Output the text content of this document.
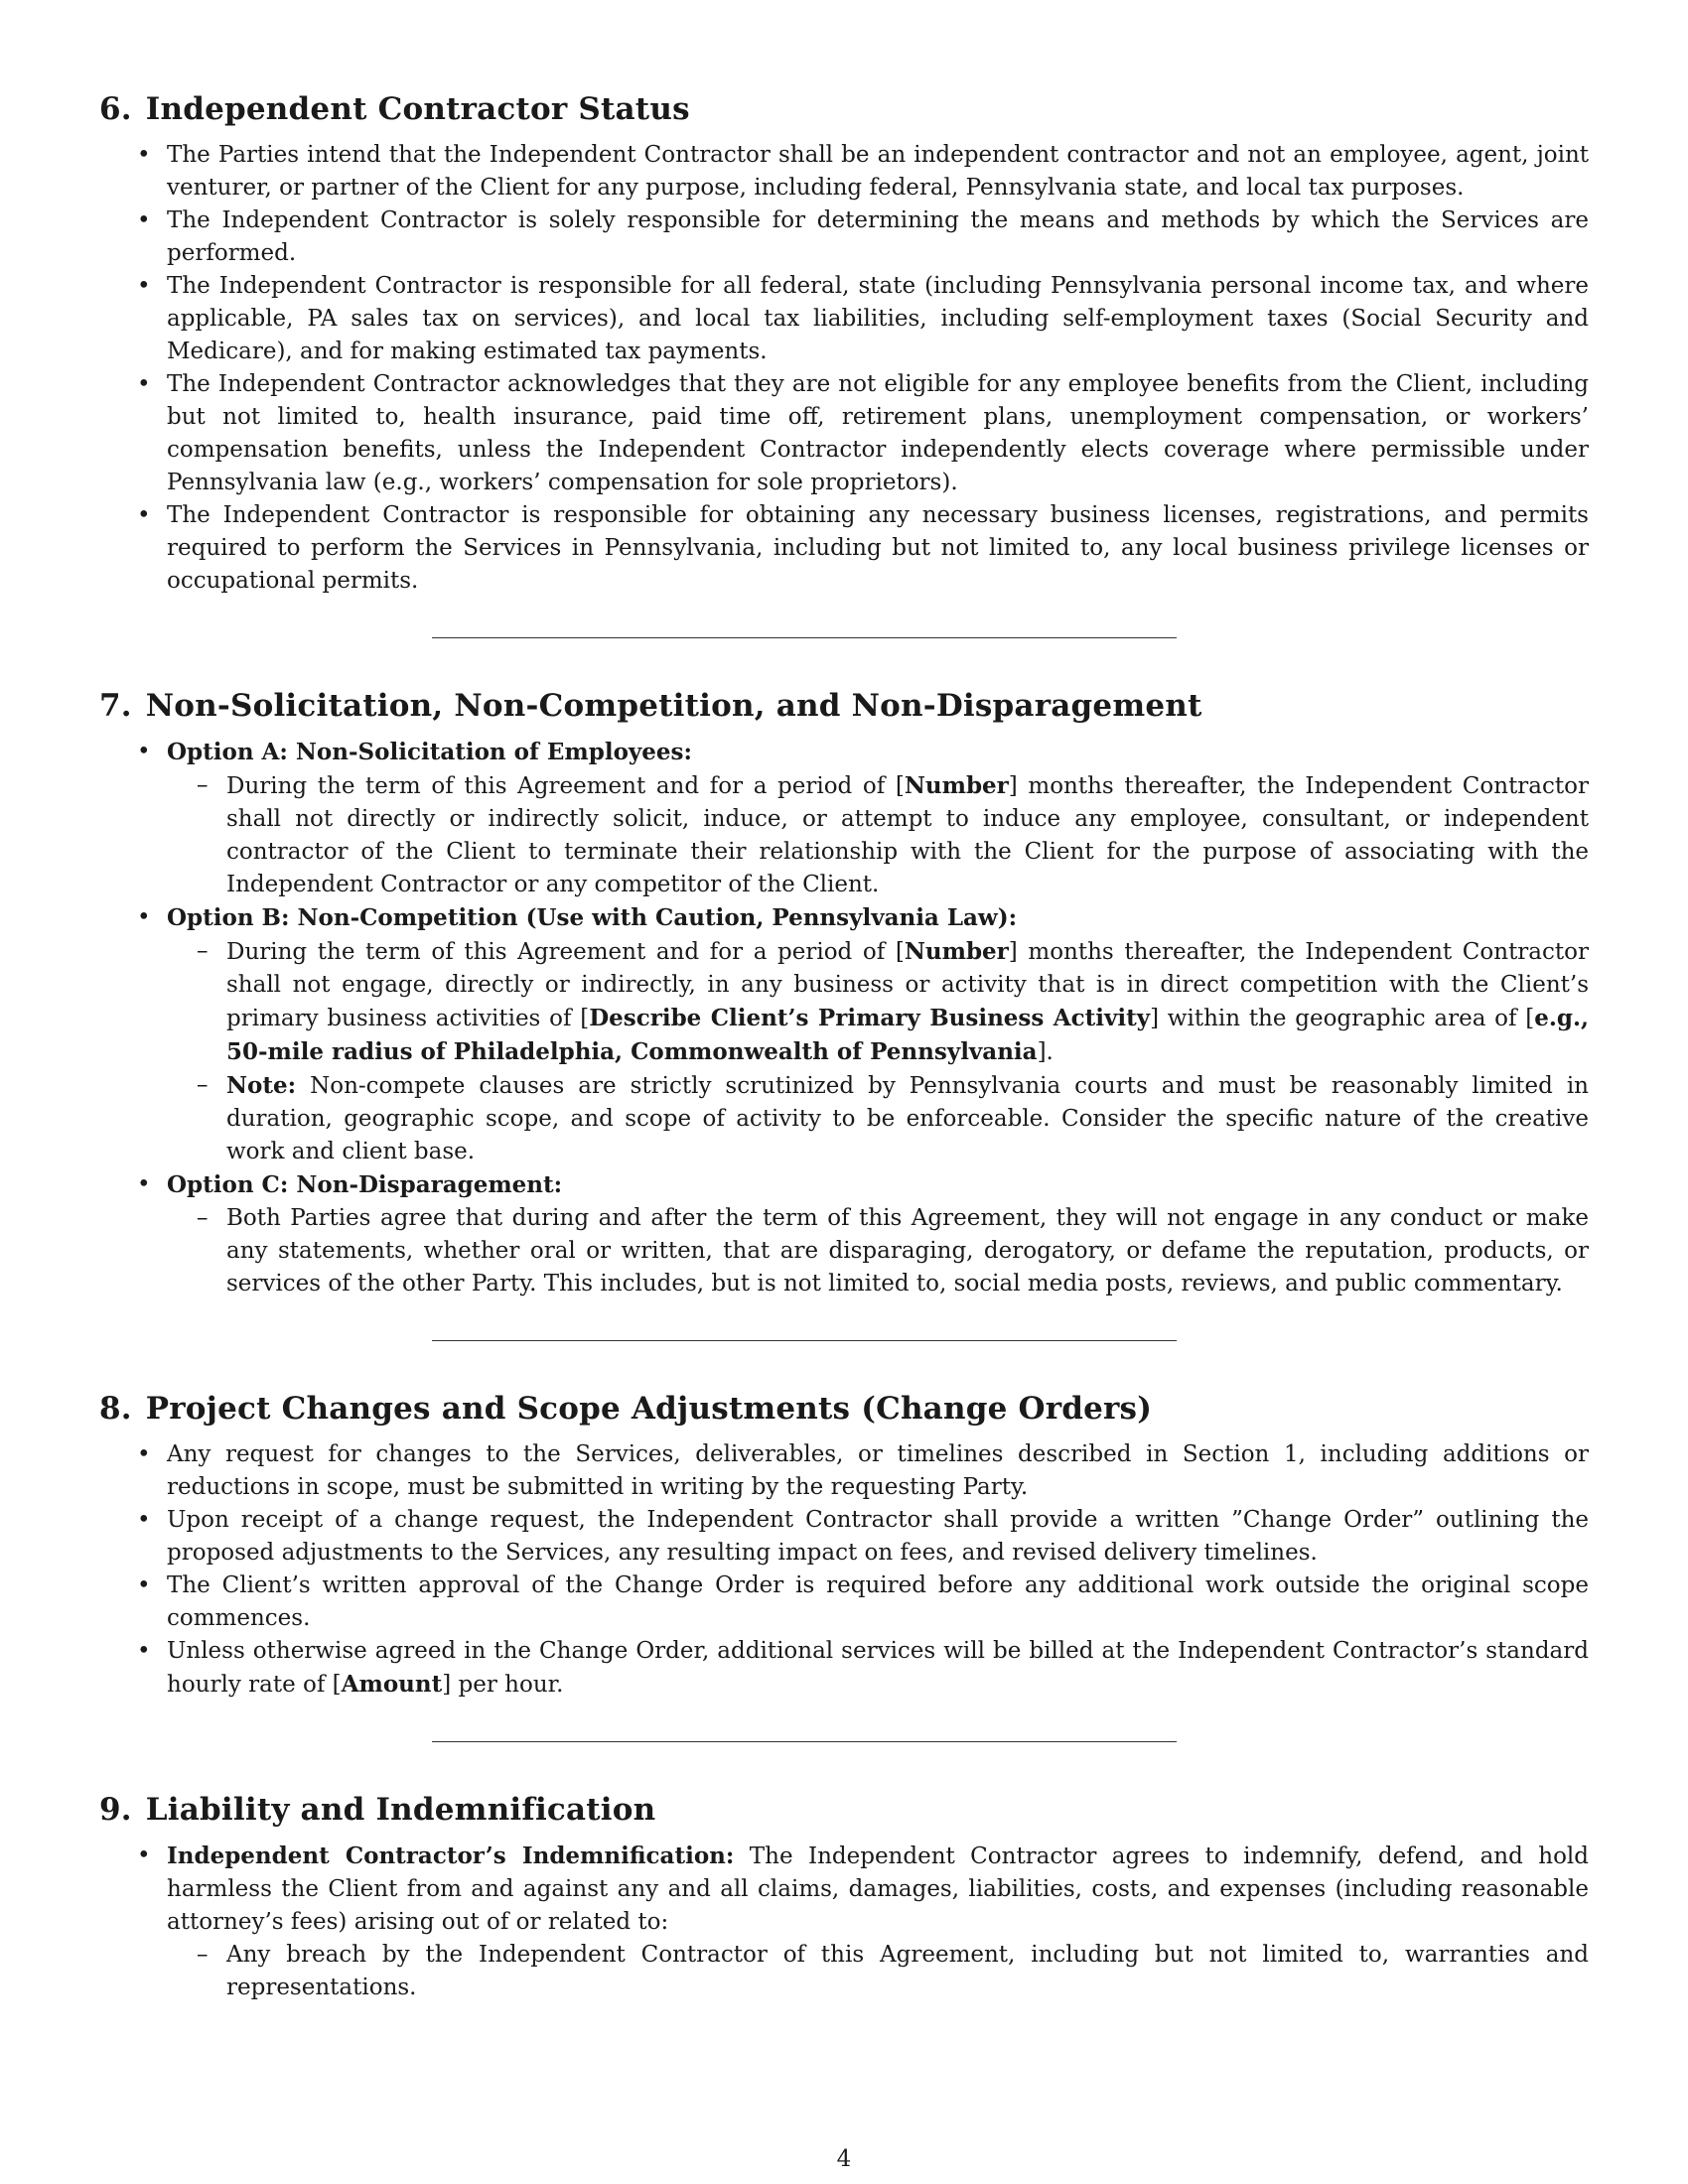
6. Independent Contractor Status
• The Parties intend that the Independent Contractor shall be an independent contractor and not an employee, agent, joint venturer, or partner of the Client for any purpose, including federal, Pennsylvania state, and local tax purposes.
• The Independent Contractor is solely responsible for determining the means and methods by which the Services are performed.
• The Independent Contractor is responsible for all federal, state (including Pennsylvania personal income tax, and where applicable, PA sales tax on services), and local tax liabilities, including self-employment taxes (Social Security and Medicare), and for making estimated tax payments.
• The Independent Contractor acknowledges that they are not eligible for any employee benefits from the Client, including but not limited to, health insurance, paid time off, retirement plans, unemployment compensation, or workers’ compensation benefits, unless the Independent Contractor independently elects coverage where permissible under Pennsylvania law (e.g., workers’ compensation for sole proprietors).
• The Independent Contractor is responsible for obtaining any necessary business licenses, registrations, and permits required to perform the Services in Pennsylvania, including but not limited to, any local business privilege licenses or occupational permits.
7. Non-Solicitation, Non-Competition, and Non-Disparagement
• Option A: Non-Solicitation of Employees:
– During the term of this Agreement and for a period of [Number] months thereafter, the Independent Contractor shall not directly or indirectly solicit, induce, or attempt to induce any employee, consultant, or independent contractor of the Client to terminate their relationship with the Client for the purpose of associating with the Independent Contractor or any competitor of the Client.
• Option B: Non-Competition (Use with Caution, Pennsylvania Law):
– During the term of this Agreement and for a period of [Number] months thereafter, the Independent Contractor shall not engage, directly or indirectly, in any business or activity that is in direct competition with the Client’s primary business activities of [Describe Client’s Primary Business Activity] within the geographic area of [e.g., 50-mile radius of Philadelphia, Commonwealth of Pennsylvania].
– Note: Non-compete clauses are strictly scrutinized by Pennsylvania courts and must be reasonably limited in duration, geographic scope, and scope of activity to be enforceable. Consider the specific nature of the creative work and client base.
• Option C: Non-Disparagement:
– Both Parties agree that during and after the term of this Agreement, they will not engage in any conduct or make any statements, whether oral or written, that are disparaging, derogatory, or defame the reputation, products, or services of the other Party. This includes, but is not limited to, social media posts, reviews, and public commentary.
8. Project Changes and Scope Adjustments (Change Orders)
• Any request for changes to the Services, deliverables, or timelines described in Section 1, including additions or reductions in scope, must be submitted in writing by the requesting Party.
• Upon receipt of a change request, the Independent Contractor shall provide a written ”Change Order” outlining the proposed adjustments to the Services, any resulting impact on fees, and revised delivery timelines.
• The Client’s written approval of the Change Order is required before any additional work outside the original scope commences.
• Unless otherwise agreed in the Change Order, additional services will be billed at the Independent Contractor’s standard hourly rate of [Amount] per hour.
9. Liability and Indemnification
• Independent Contractor’s Indemnification: The Independent Contractor agrees to indemnify, defend, and hold harmless the Client from and against any and all claims, damages, liabilities, costs, and expenses (including reasonable attorney’s fees) arising out of or related to:
– Any breach by the Independent Contractor of this Agreement, including but not limited to, warranties and representations.
4
